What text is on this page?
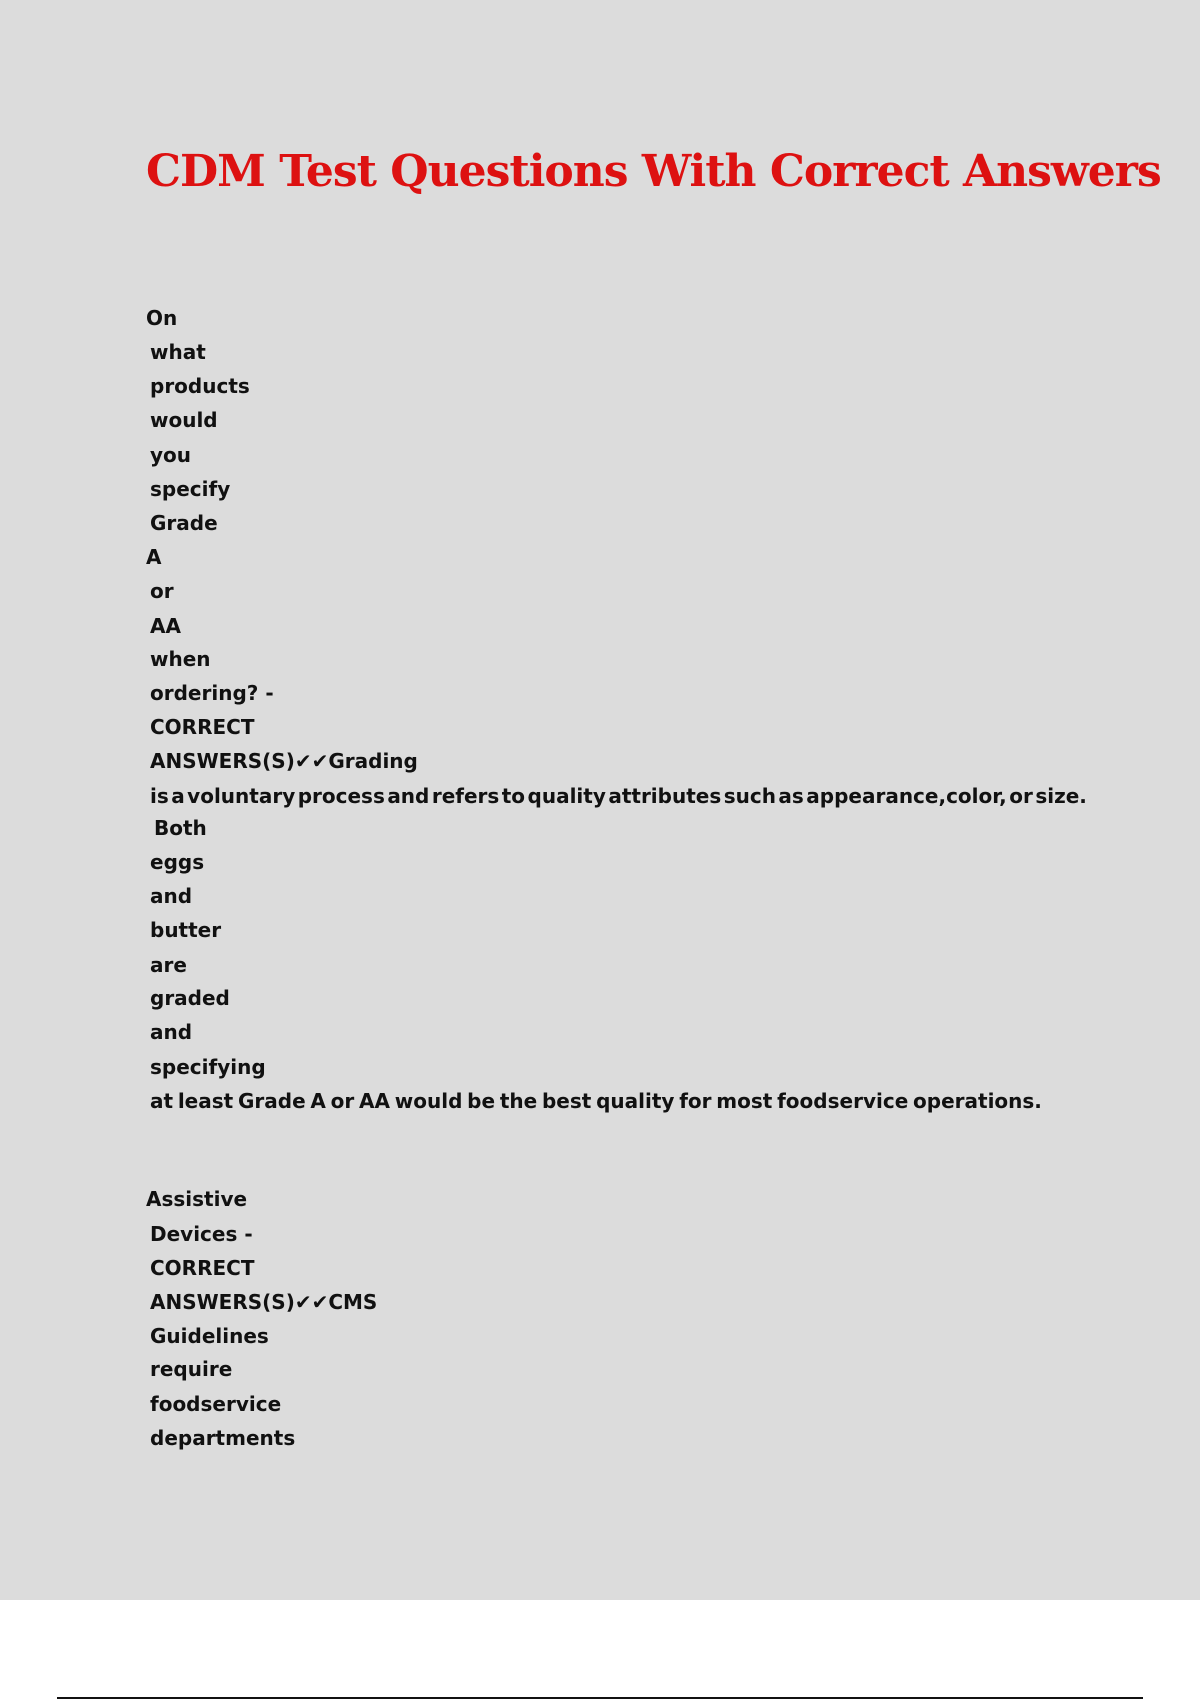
CDM Test Questions With Correct Answers

On

what

products

would

you

specify

Grade

A

or

AA

when

ordering? -

CORRECT

ANSWERS(S)✔✔Grading

is a voluntary process and refers to quality attributes such as appearance,color, or size.

Both

eggs

and

butter

are

graded

and

specifying

at least Grade A or AA would be the best quality for most foodservice operations.

Assistive

Devices -

CORRECT

ANSWERS(S)✔✔CMS

Guidelines

require

foodservice

departments
